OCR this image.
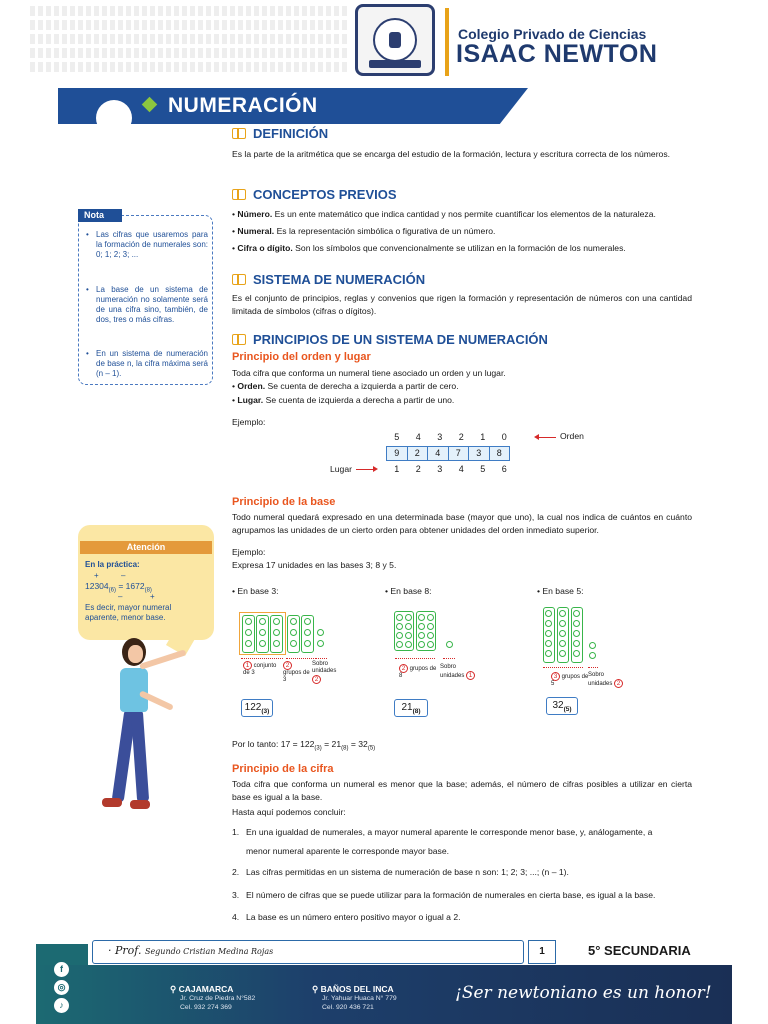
Colegio Privado de Ciencias
ISAAC NEWTON
NUMERACIÓN
DEFINICIÓN
Es la parte de la aritmética que se encarga del estudio de la formación, lectura y escritura correcta de los números.
CONCEPTOS PREVIOS
• Número. Es un ente matemático que indica cantidad y nos permite cuantificar los elementos de la naturaleza.
• Numeral. Es la representación simbólica o figurativa de un número.
• Cifra o dígito. Son los símbolos que convencionalmente se utilizan en la formación de los numerales.
SISTEMA DE NUMERACIÓN
Es el conjunto de principios, reglas y convenios que rigen la formación y representación de números con una cantidad limitada de símbolos (cifras o dígitos).
PRINCIPIOS DE UN SISTEMA DE NUMERACIÓN
Principio del orden y lugar
Toda cifra que conforma un numeral tiene asociado un orden y un lugar.
• Orden. Se cuenta de derecha a izquierda a partir de cero.
• Lugar. Se cuenta de izquierda a derecha a partir de uno.
Ejemplo:
5	4	3	2	1	0	Orden
9	2	4	7	3	8
Lugar	1	2	3	4	5	6
Principio de la base
Todo numeral quedará expresado en una determinada base (mayor que uno), la cual nos indica de cuántos en cuánto agrupamos las unidades de un cierto orden para obtener unidades del orden inmediato superior.
Ejemplo:
Expresa 17 unidades en las bases 3; 8 y 5.
• En base 3:	• En base 8:	• En base 5:
1 conjunto de 3
2 grupos de 3
Sobro unidades 2
$122_{(3)}$
2 grupos de 8
Sobro unidades 1
$21_{(8)}$
3 grupos de 5
Sobro unidades 2
$32_{(5)}$
Por lo tanto: $17 = 122_{(3)} = 21_{(8)} = 32_{(5)}$
Principio de la cifra
Toda cifra que conforma un numeral es menor que la base; además, el número de cifras posibles a utilizar en cierta base es igual a la base.
Hasta aquí podemos concluir:
1. En una igualdad de numerales, a mayor numeral aparente le corresponde menor base, y, análogamente, a
menor numeral aparente le corresponde mayor base.
2. Las cifras permitidas en un sistema de numeración de base n son: 1; 2; 3; ...; (n – 1).
3. El número de cifras que se puede utilizar para la formación de numerales en cierta base, es igual a la base.
4. La base es un número entero positivo mayor o igual a 2.
Nota
• Las cifras que usaremos para la formación de numerales son: 0; 1; 2; 3; ...
• La base de un sistema de numeración no solamente será de una cifra sino, también, de dos, tres o más cifras.
• En un sistema de numeración de base n, la cifra máxima será (n – 1).
Atención
En la práctica:
+	–
$12304_{(6)} = 1672_{(8)}$
–	+
Es decir, mayor numeral aparente, menor base.
f
◎
♪
· Prof. Segundo Cristian Medina Rojas	1	5° SECUNDARIA
⚲ CAJAMARCA
Jr. Cruz de Piedra N°582
Cel. 932 274 369
⚲ BAÑOS DEL INCA
Jr. Yahuar Huaca N° 779
Cel. 920 436 721
¡Ser newtoniano es un honor!
